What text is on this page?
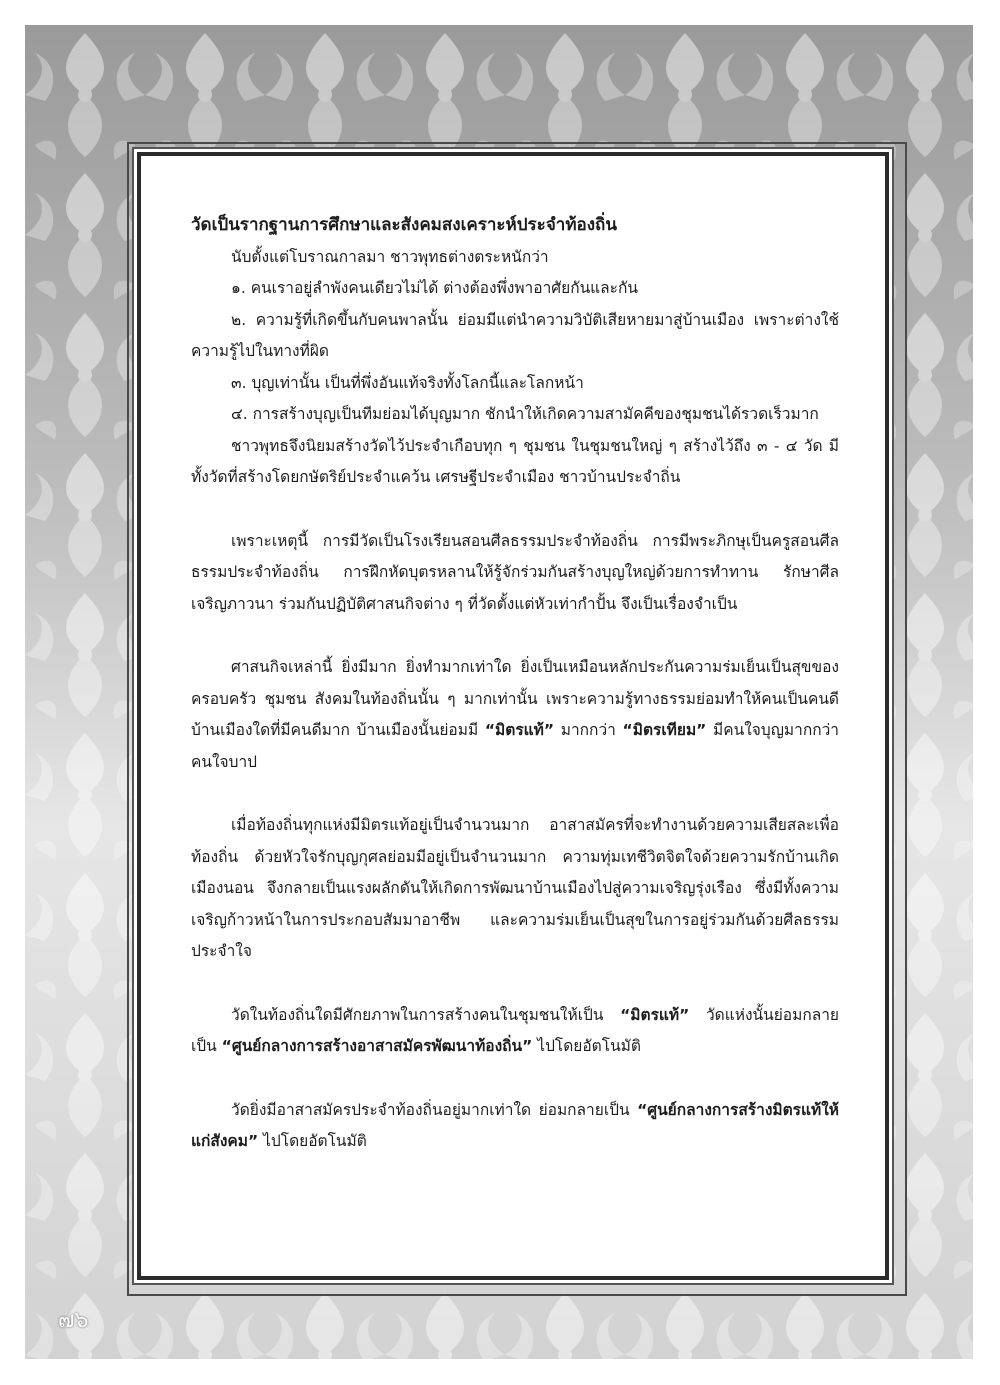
วัดเป็นรากฐานการศึกษาและสังคมสงเคราะห์ประจำท้องถิ่น

นับตั้งแต่โบราณกาลมา ชาวพุทธต่างตระหนักว่า

๑. คนเราอยู่ลำพังคนเดียวไม่ได้ ต่างต้องพึ่งพาอาศัยกันและกัน

๒. ความรู้ที่เกิดขึ้นกับคนพาลนั้น ย่อมมีแต่นำความวิบัติเสียหายมาสู่บ้านเมือง เพราะต่างใช้ความรู้ไปในทางที่ผิด

๓. บุญเท่านั้น เป็นที่พึ่งอันแท้จริงทั้งโลกนี้และโลกหน้า

๔. การสร้างบุญเป็นทีมย่อมได้บุญมาก ชักนำให้เกิดความสามัคคีของชุมชนได้รวดเร็วมาก

ชาวพุทธจึงนิยมสร้างวัดไว้ประจำเกือบทุก ๆ ชุมชน ในชุมชนใหญ่ ๆ สร้างไว้ถึง ๓ - ๔ วัด มีทั้งวัดที่สร้างโดยกษัตริย์ประจำแคว้น เศรษฐีประจำเมือง ชาวบ้านประจำถิ่น

เพราะเหตุนี้ การมีวัดเป็นโรงเรียนสอนศีลธรรมประจำท้องถิ่น การมีพระภิกษุเป็นครูสอนศีลธรรมประจำท้องถิ่น การฝึกหัดบุตรหลานให้รู้จักร่วมกันสร้างบุญใหญ่ด้วยการทำทาน รักษาศีล เจริญภาวนา ร่วมกันปฏิบัติศาสนกิจต่าง ๆ ที่วัดตั้งแต่หัวเท่ากำปั้น จึงเป็นเรื่องจำเป็น

ศาสนกิจเหล่านี้ ยิ่งมีมาก ยิ่งทำมากเท่าใด ยิ่งเป็นเหมือนหลักประกันความร่มเย็นเป็นสุขของครอบครัว ชุมชน สังคมในท้องถิ่นนั้น ๆ มากเท่านั้น เพราะความรู้ทางธรรมย่อมทำให้คนเป็นคนดี บ้านเมืองใดที่มีคนดีมาก บ้านเมืองนั้นย่อมมี “มิตรแท้” มากกว่า “มิตรเทียม” มีคนใจบุญมากกว่าคนใจบาป

เมื่อท้องถิ่นทุกแห่งมีมิตรแท้อยู่เป็นจำนวนมาก อาสาสมัครที่จะทำงานด้วยความเสียสละเพื่อท้องถิ่น ด้วยหัวใจรักบุญกุศลย่อมมีอยู่เป็นจำนวนมาก ความทุ่มเทชีวิตจิตใจด้วยความรักบ้านเกิดเมืองนอน จึงกลายเป็นแรงผลักดันให้เกิดการพัฒนาบ้านเมืองไปสู่ความเจริญรุ่งเรือง ซึ่งมีทั้งความเจริญก้าวหน้าในการประกอบสัมมาอาชีพ และความร่มเย็นเป็นสุขในการอยู่ร่วมกันด้วยศีลธรรมประจำใจ

วัดในท้องถิ่นใดมีศักยภาพในการสร้างคนในชุมชนให้เป็น “มิตรแท้” วัดแห่งนั้นย่อมกลายเป็น “ศูนย์กลางการสร้างอาสาสมัครพัฒนาท้องถิ่น” ไปโดยอัตโนมัติ

วัดยิ่งมีอาสาสมัครประจำท้องถิ่นอยู่มากเท่าใด ย่อมกลายเป็น “ศูนย์กลางการสร้างมิตรแท้ให้แก่สังคม” ไปโดยอัตโนมัติ

๗๖
